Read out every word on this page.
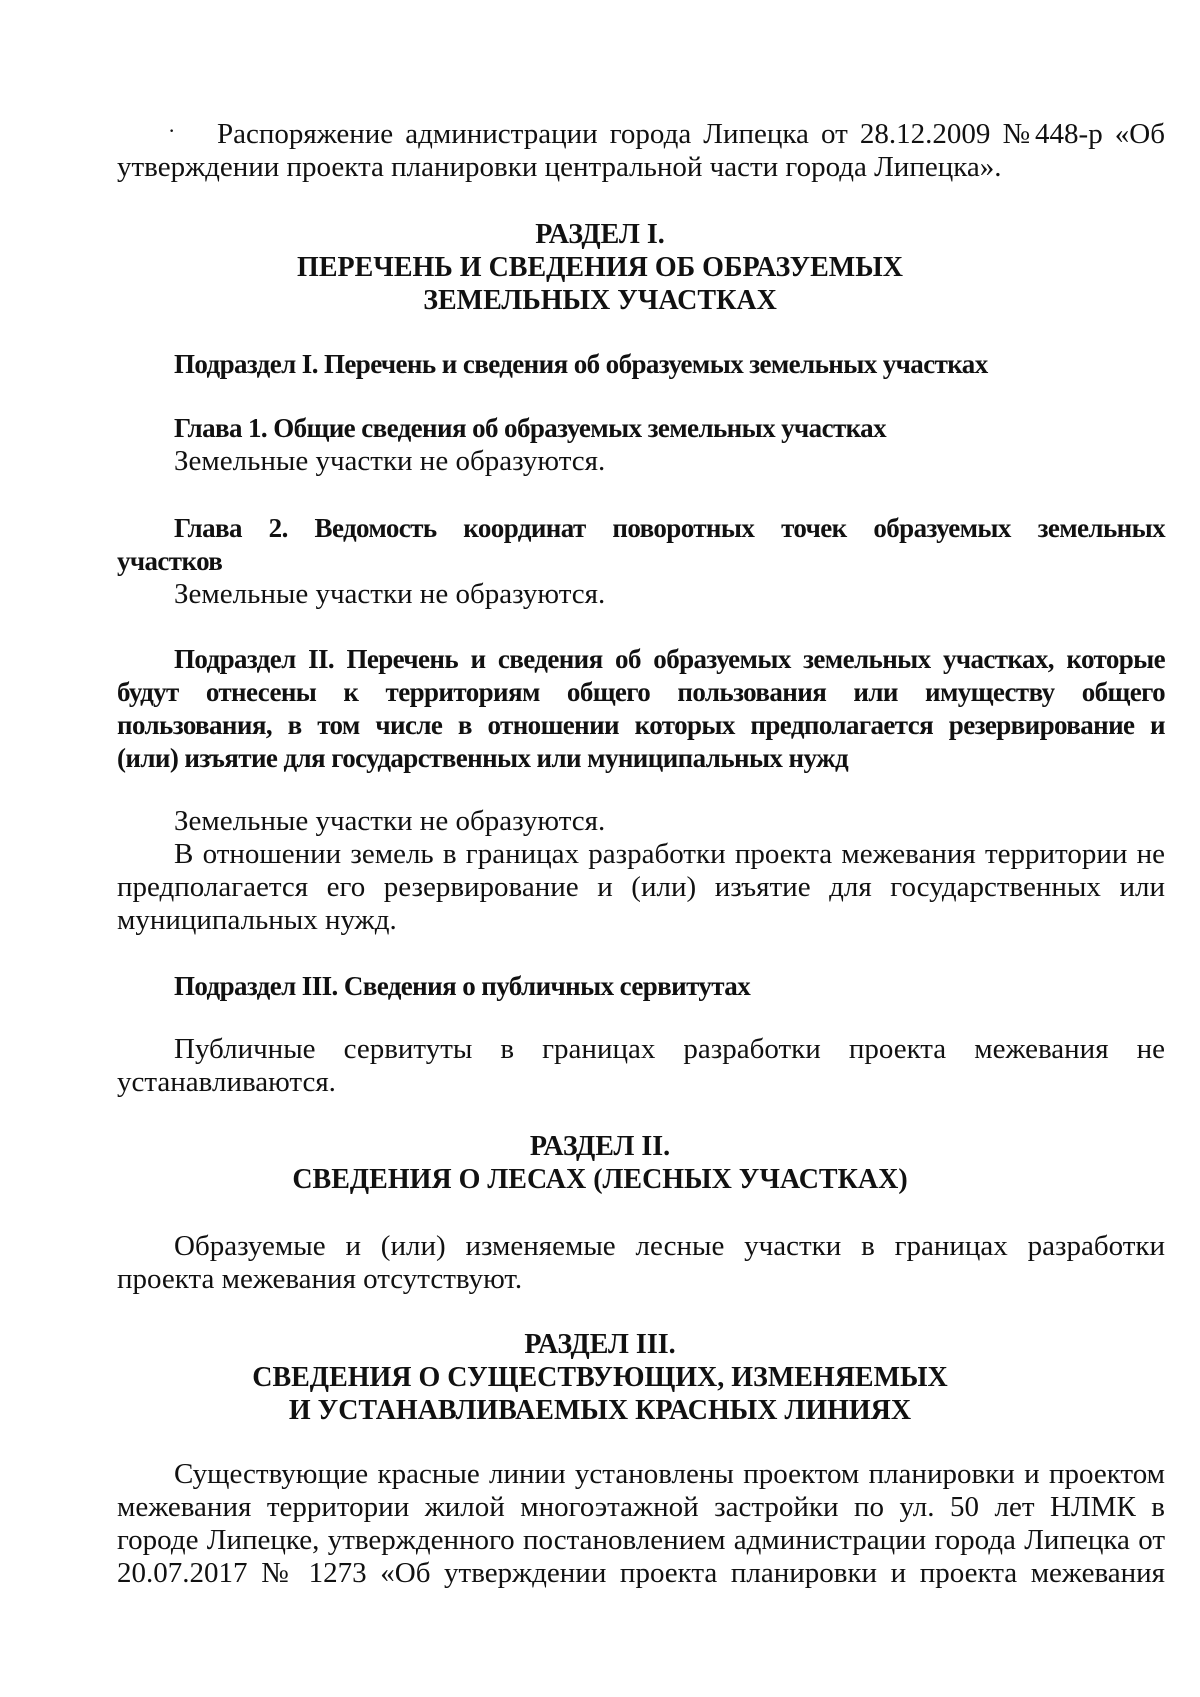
·	Распоряжение администрации города Липецка от 28.12.2009 №448-р «Об
утверждении проекта планировки центральной части города Липецка».
РАЗДЕЛ I.
ПЕРЕЧЕНЬ И СВЕДЕНИЯ ОБ ОБРАЗУЕМЫХ
ЗЕМЕЛЬНЫХ УЧАСТКАХ
Подраздел I. Перечень и сведения об образуемых земельных участках
Глава 1. Общие сведения об образуемых земельных участках
Земельные участки не образуются.
Глава 2. Ведомость координат поворотных точек образуемых земельных
участков
Земельные участки не образуются.
Подраздел II. Перечень и сведения об образуемых земельных участках, которые
будут отнесены к территориям общего пользования или имуществу общего
пользования, в том числе в отношении которых предполагается резервирование и
(или) изъятие для государственных или муниципальных нужд
Земельные участки не образуются.
В отношении земель в границах разработки проекта межевания территории не
предполагается его резервирование и (или) изъятие для государственных или
муниципальных нужд.
Подраздел III. Сведения о публичных сервитутах
Публичные сервитуты в границах разработки проекта межевания не
устанавливаются.
РАЗДЕЛ II.
СВЕДЕНИЯ О ЛЕСАХ (ЛЕСНЫХ УЧАСТКАХ)
Образуемые и (или) изменяемые лесные участки в границах разработки
проекта межевания отсутствуют.
РАЗДЕЛ III.
СВЕДЕНИЯ О СУЩЕСТВУЮЩИХ, ИЗМЕНЯЕМЫХ
И УСТАНАВЛИВАЕМЫХ КРАСНЫХ ЛИНИЯХ
Существующие красные линии установлены проектом планировки и проектом
межевания территории жилой многоэтажной застройки по ул. 50 лет НЛМК в
городе Липецке, утвержденного постановлением администрации города Липецка от
20.07.2017 № 1273 «Об утверждении проекта планировки и проекта межевания
